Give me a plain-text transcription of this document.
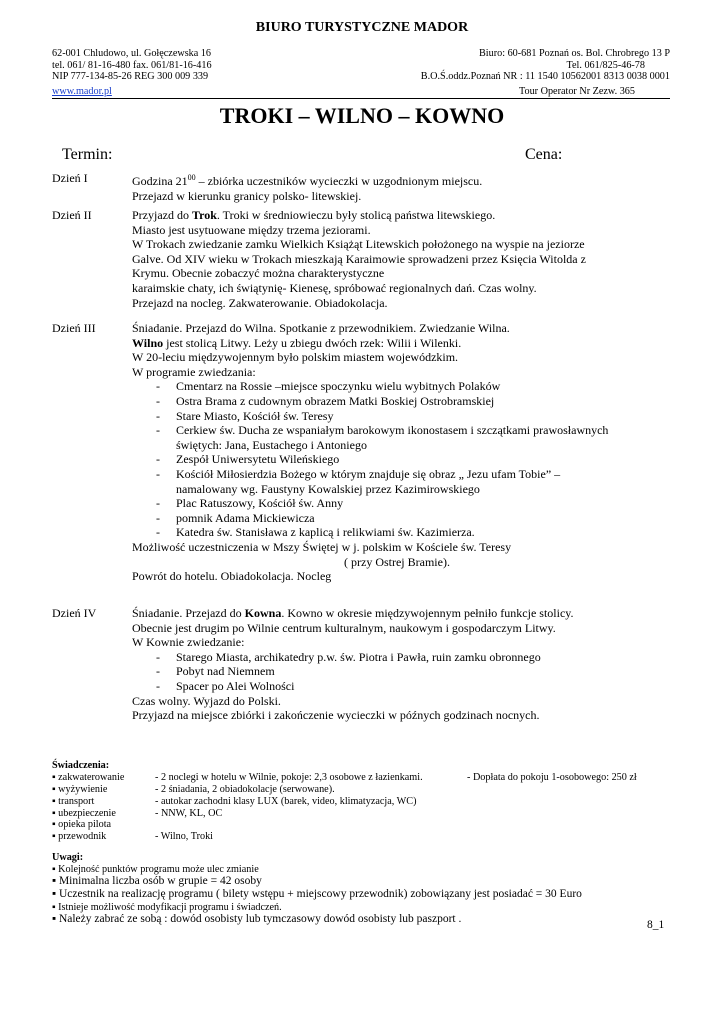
BIURO TURYSTYCZNE MADOR
62-001 Chludowo, ul. Gołęczewska 16
tel. 061/ 81-16-480 fax. 061/81-16-416
NIP 777-134-85-26 REG 300 009 339
Biuro: 60-681 Poznań os. Bol. Chrobrego 13 P
Tel. 061/825-46-78
B.O.Ś.oddz.Poznań NR : 11 1540 10562001 8313 0038 0001
www.mador.pl	Tour Operator Nr Zezw. 365
TROKI – WILNO – KOWNO
Termin:	Cena:
Dzień I	Godzina $21^{00}$ – zbiórka uczestników wycieczki w uzgodnionym miejscu.

Przejazd w kierunku granicy polsko- litewskiej.

Dzień II	Przyjazd do Trok. Troki w średniowieczu były stolicą państwa litewskiego.

Miasto jest usytuowane między trzema jeziorami.

W Trokach zwiedzanie zamku Wielkich Książąt Litewskich położonego na wyspie na jeziorze

Galve. Od XIV wieku w Trokach mieszkają Karaimowie sprowadzeni przez Księcia Witolda z

Krymu. Obecnie zobaczyć można charakterystyczne

karaimskie chaty, ich świątynię- Kienesę, spróbować regionalnych dań. Czas wolny.

Przejazd na nocleg. Zakwaterowanie. Obiadokolacja.

Dzień III	Śniadanie. Przejazd do Wilna. Spotkanie z przewodnikiem. Zwiedzanie Wilna.

Wilno jest stolicą Litwy. Leży u zbiegu dwóch rzek: Wilii i Wilenki.

W 20-leciu międzywojennym było polskim miastem wojewódzkim.

W programie zwiedzania:

- Cmentarz na Rossie –miejsce spoczynku wielu wybitnych Polaków

- Ostra Brama z cudownym obrazem Matki Boskiej Ostrobramskiej

- Stare Miasto, Kościół św. Teresy

- Cerkiew św. Ducha ze wspaniałym barokowym ikonostasem i szczątkami prawosławnych

świętych: Jana, Eustachego i Antoniego

- Zespół Uniwersytetu Wileńskiego

- Kościół Miłosierdzia Bożego w którym znajduje się obraz „ Jezu ufam Tobie” –

namalowany wg. Faustyny Kowalskiej przez Kazimirowskiego

- Plac Ratuszowy, Kościół św. Anny

- pomnik Adama Mickiewicza

- Katedra św. Stanisława z kaplicą i relikwiami św. Kazimierza.

Możliwość uczestniczenia w Mszy Świętej w j. polskim w Kościele św. Teresy

( przy Ostrej Bramie).

Powrót do hotelu. Obiadokolacja. Nocleg

Dzień IV	Śniadanie. Przejazd do Kowna. Kowno w okresie międzywojennym pełniło funkcje stolicy.

Obecnie jest drugim po Wilnie centrum kulturalnym, naukowym i gospodarczym Litwy.

W Kownie zwiedzanie:

- Starego Miasta, archikatedry p.w. św. Piotra i Pawła, ruin zamku obronnego

- Pobyt nad Niemnem

- Spacer po Alei Wolności

Czas wolny. Wyjazd do Polski.

Przyjazd na miejsce zbiórki i zakończenie wycieczki w późnych godzinach nocnych.

Świadczenia:
▪ zakwaterowanie	- 2 noclegi w hotelu w Wilnie, pokoje: 2,3 osobowe z łazienkami.	- Dopłata do pokoju 1-osobowego: 250 zł
▪ wyżywienie	- 2 śniadania, 2 obiadokolacje (serwowane).
▪ transport	- autokar zachodni klasy LUX (barek, video, klimatyzacja, WC)
▪ ubezpieczenie	- NNW, KL, OC
▪ opieka pilota
▪ przewodnik	- Wilno, Troki
Uwagi:
▪ Kolejność punktów programu może ulec zmianie
▪ Minimalna liczba osób w grupie = 42 osoby
▪ Uczestnik na realizację programu ( bilety wstępu + miejscowy przewodnik) zobowiązany jest posiadać = 30 Euro
▪ Istnieje możliwość modyfikacji programu i świadczeń.
▪ Należy zabrać ze sobą : dowód osobisty lub tymczasowy dowód osobisty lub paszport .	8_1
